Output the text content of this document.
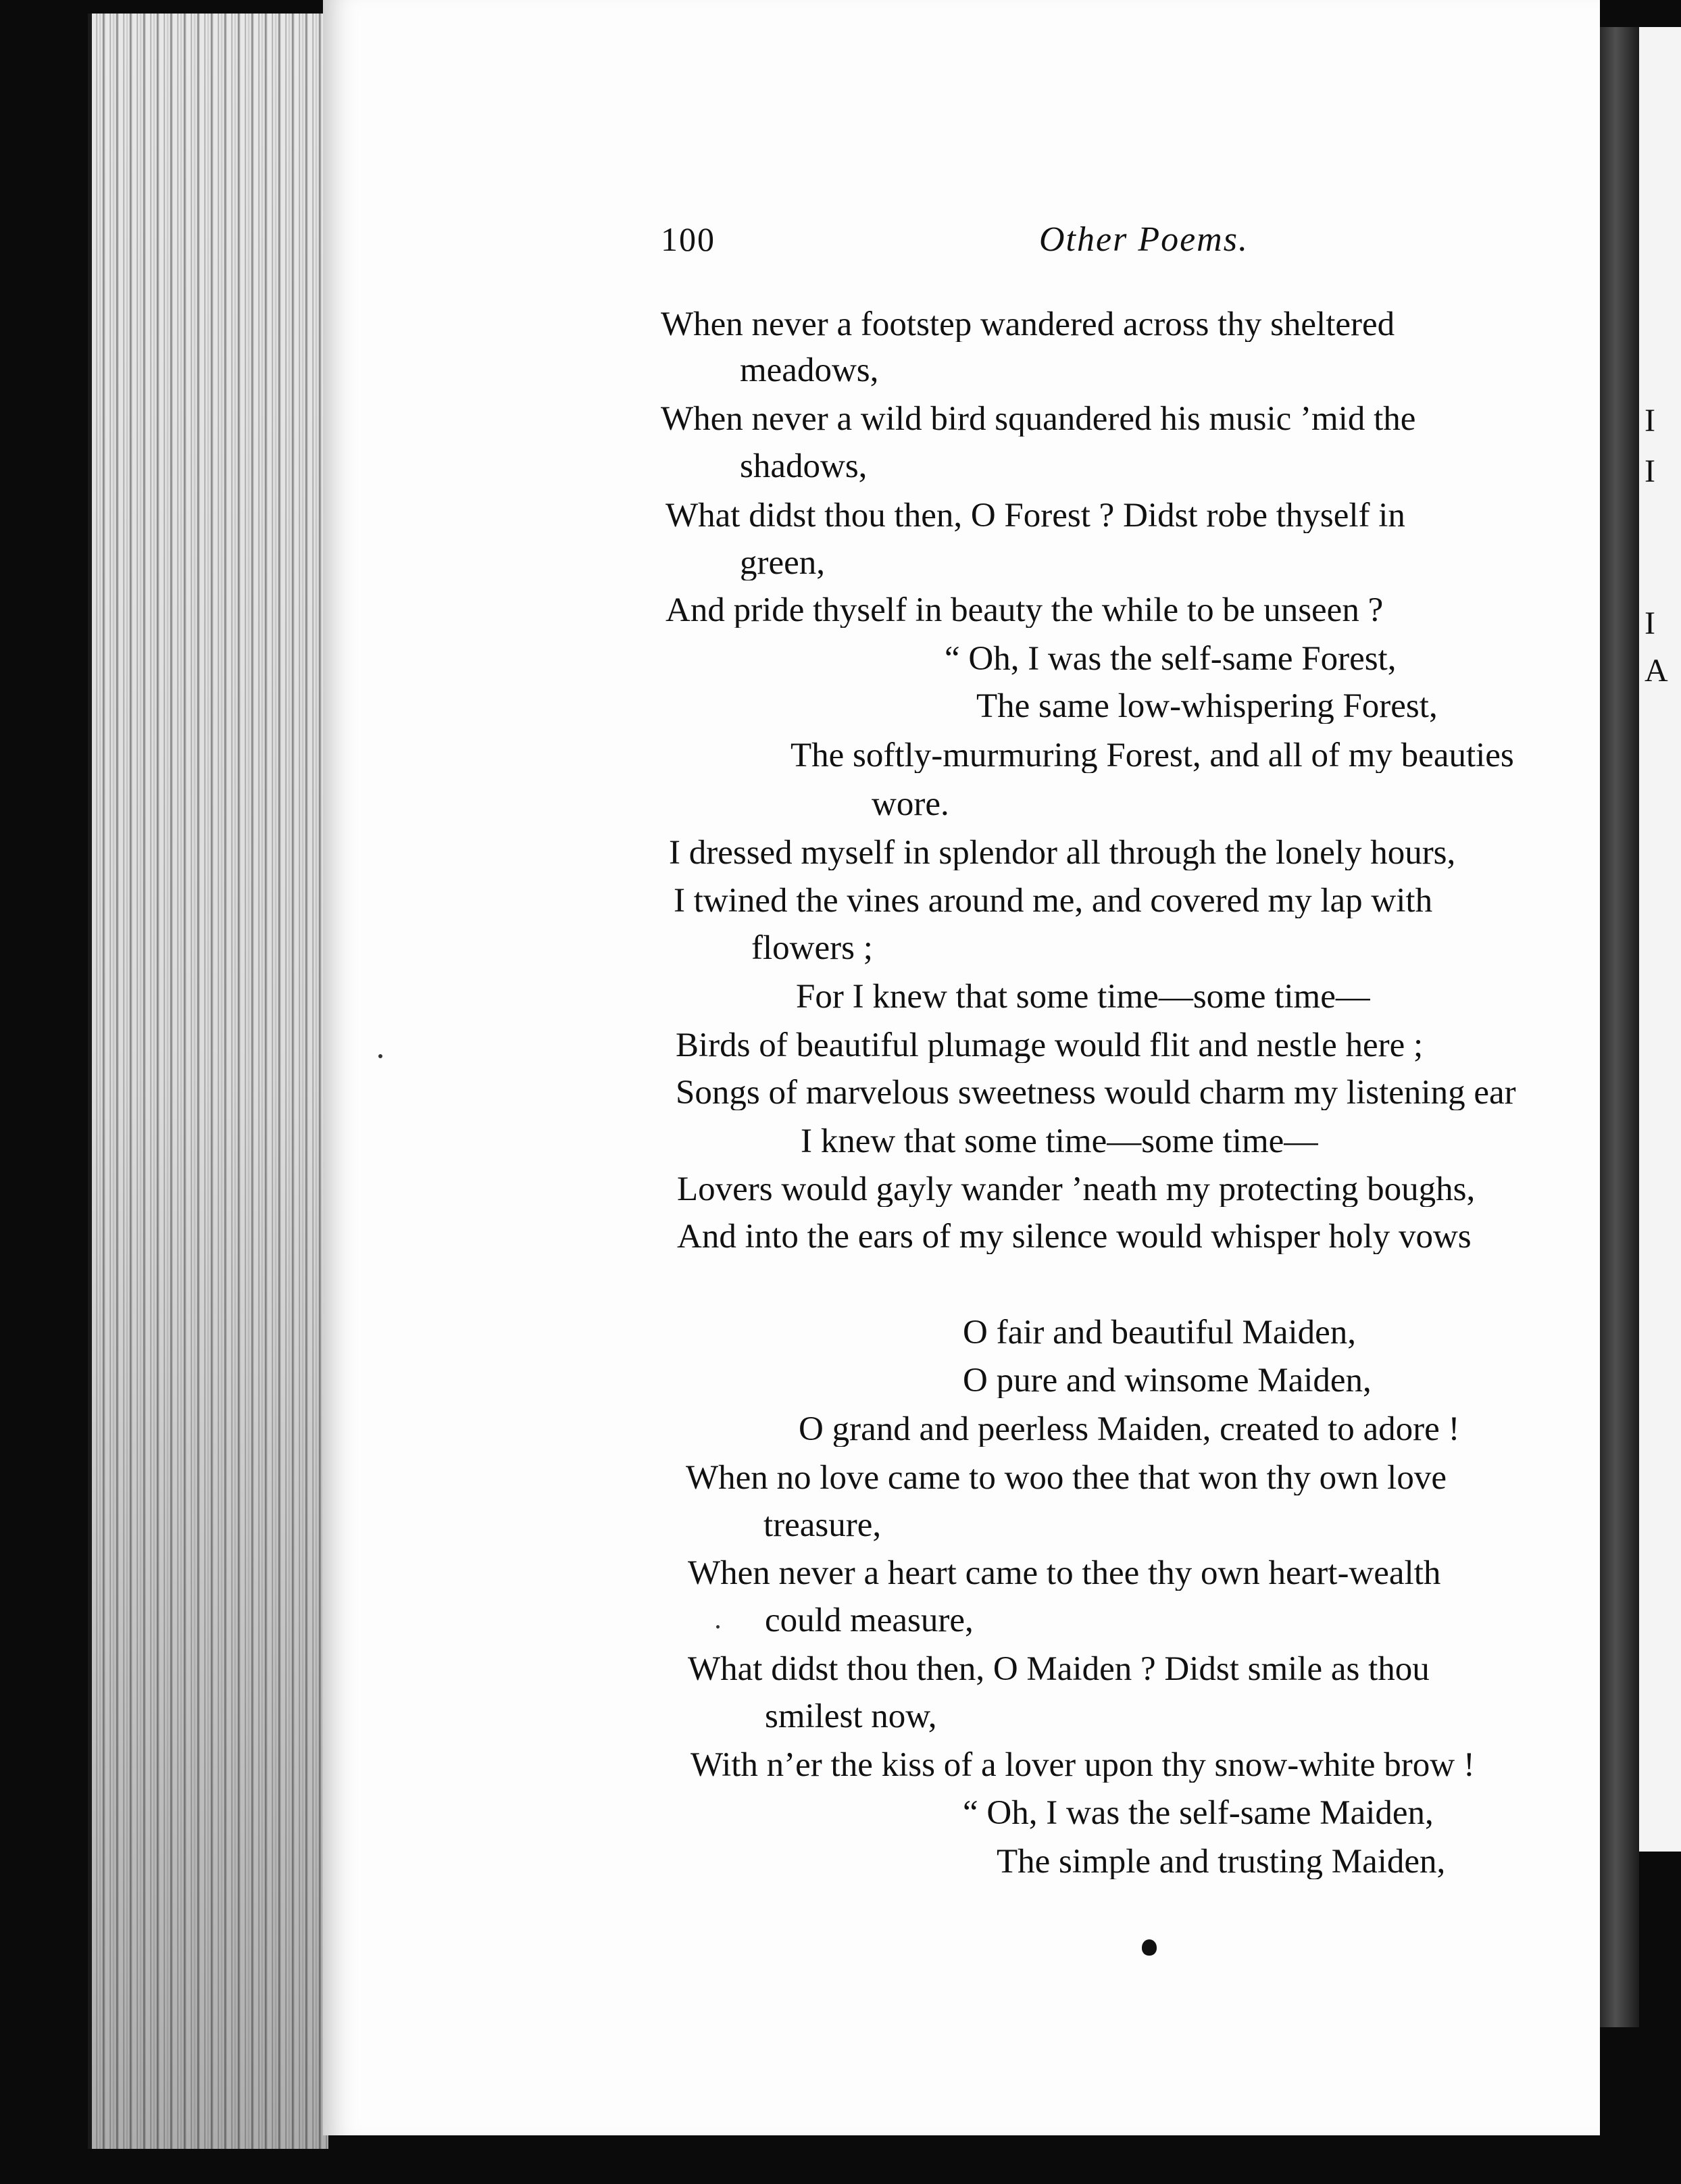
I
I
I
A
100	Other Poems.
When never a footstep wandered across thy sheltered
meadows,
When never a wild bird squandered his music ’mid the
shadows,
What didst thou then, O Forest ? Didst robe thyself in
green,
And pride thyself in beauty the while to be unseen ?
“ Oh, I was the self-same Forest,
The same low-whispering Forest,
The softly-murmuring Forest, and all of my beauties
wore.
I dressed myself in splendor all through the lonely hours,
I twined the vines around me, and covered my lap with
flowers ;
For I knew that some time—some time—
Birds of beautiful plumage would flit and nestle here ;
Songs of marvelous sweetness would charm my listening ear
I knew that some time—some time—
Lovers would gayly wander ’neath my protecting boughs,
And into the ears of my silence would whisper holy vows
O fair and beautiful Maiden,
O pure and winsome Maiden,
O grand and peerless Maiden, created to adore !
When no love came to woo thee that won thy own love
treasure,
When never a heart came to thee thy own heart-wealth
could measure,
What didst thou then, O Maiden ? Didst smile as thou
smilest now,
With n’er the kiss of a lover upon thy snow-white brow !
“ Oh, I was the self-same Maiden,
The simple and trusting Maiden,
